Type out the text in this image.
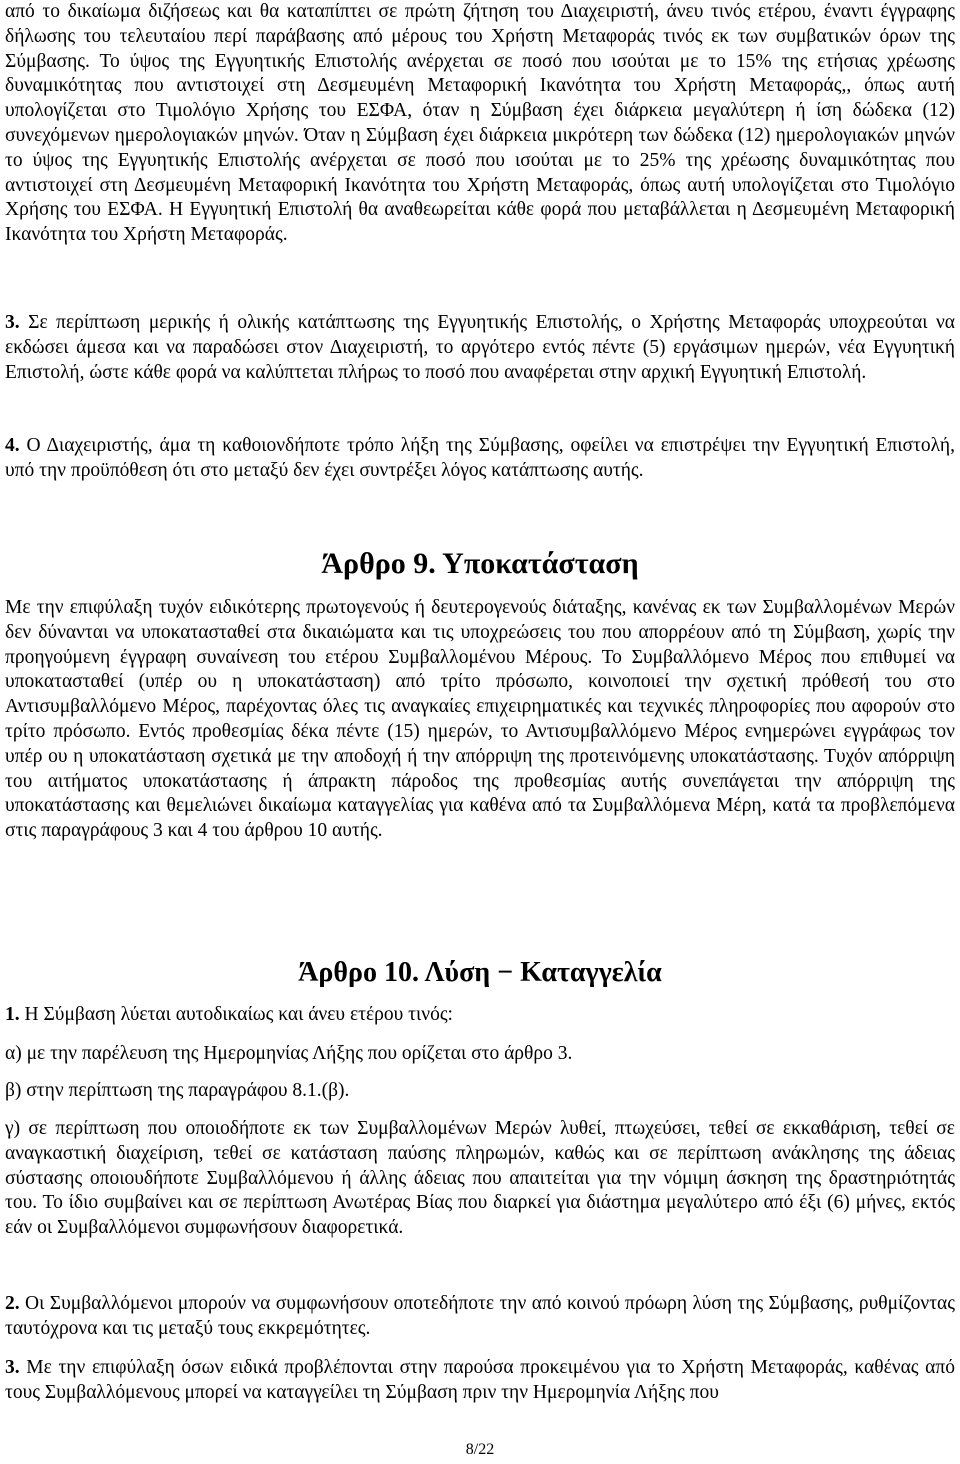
από το δικαίωμα διζήσεως και θα καταπίπτει σε πρώτη ζήτηση του Διαχειριστή, άνευ τινός ετέρου, έναντι έγγραφης δήλωσης του τελευταίου περί παράβασης από μέρους του Χρήστη Μεταφοράς τινός εκ των συμβατικών όρων της Σύμβασης. Το ύψος της Εγγυητικής Επιστολής ανέρχεται σε ποσό που ισούται με το 15% της ετήσιας χρέωσης δυναμικότητας που αντιστοιχεί στη Δεσμευμένη Μεταφορική Ικανότητα του Χρήστη Μεταφοράς,, όπως αυτή υπολογίζεται στο Τιμολόγιο Χρήσης του ΕΣΦΑ, όταν η Σύμβαση έχει διάρκεια μεγαλύτερη ή ίση δώδεκα (12) συνεχόμενων ημερολογιακών μηνών. Όταν η Σύμβαση έχει διάρκεια μικρότερη των δώδεκα (12) ημερολογιακών μηνών το ύψος της Εγγυητικής Επιστολής ανέρχεται σε ποσό που ισούται με το 25% της χρέωσης δυναμικότητας που αντιστοιχεί στη Δεσμευμένη Μεταφορική Ικανότητα του Χρήστη Μεταφοράς, όπως αυτή υπολογίζεται στο Τιμολόγιο Χρήσης του ΕΣΦΑ. Η Εγγυητική Επιστολή θα αναθεωρείται κάθε φορά που μεταβάλλεται η Δεσμευμένη Μεταφορική Ικανότητα του Χρήστη Μεταφοράς.

3. Σε περίπτωση μερικής ή ολικής κατάπτωσης της Εγγυητικής Επιστολής, ο Χρήστης Μεταφοράς υποχρεούται να εκδώσει άμεσα και να παραδώσει στον Διαχειριστή, το αργότερο εντός πέντε (5) εργάσιμων ημερών, νέα Εγγυητική Επιστολή, ώστε κάθε φορά να καλύπτεται πλήρως το ποσό που αναφέρεται στην αρχική Εγγυητική Επιστολή.

4. Ο Διαχειριστής, άμα τη καθοιονδήποτε τρόπο λήξη της Σύμβασης, οφείλει να επιστρέψει την Εγγυητική Επιστολή, υπό την προϋπόθεση ότι στο μεταξύ δεν έχει συντρέξει λόγος κατάπτωσης αυτής.

Άρθρο 9. Υποκατάσταση

Με την επιφύλαξη τυχόν ειδικότερης πρωτογενούς ή δευτερογενούς διάταξης, κανένας εκ των Συμβαλλομένων Μερών δεν δύνανται να υποκατασταθεί στα δικαιώματα και τις υποχρεώσεις του που απορρέουν από τη Σύμβαση, χωρίς την προηγούμενη έγγραφη συναίνεση του ετέρου Συμβαλλομένου Μέρους. Το Συμβαλλόμενο Μέρος που επιθυμεί να υποκατασταθεί (υπέρ ου η υποκατάσταση) από τρίτο πρόσωπο, κοινοποιεί την σχετική πρόθεσή του στο Αντισυμβαλλόμενο Μέρος, παρέχοντας όλες τις αναγκαίες επιχειρηματικές και τεχνικές πληροφορίες που αφορούν στο τρίτο πρόσωπο. Εντός προθεσμίας δέκα πέντε (15) ημερών, το Αντισυμβαλλόμενο Μέρος ενημερώνει εγγράφως τον υπέρ ου η υποκατάσταση σχετικά με την αποδοχή ή την απόρριψη της προτεινόμενης υποκατάστασης. Τυχόν απόρριψη του αιτήματος υποκατάστασης ή άπρακτη πάροδος της προθεσμίας αυτής συνεπάγεται την απόρριψη της υποκατάστασης και θεμελιώνει δικαίωμα καταγγελίας για καθένα από τα Συμβαλλόμενα Μέρη, κατά τα προβλεπόμενα στις παραγράφους 3 και 4 του άρθρου 10 αυτής.

Άρθρο 10. Λύση − Καταγγελία

1. Η Σύμβαση λύεται αυτοδικαίως και άνευ ετέρου τινός:

α) με την παρέλευση της Ημερομηνίας Λήξης που ορίζεται στο άρθρο 3.

β) στην περίπτωση της παραγράφου 8.1.(β).

γ) σε περίπτωση που οποιοδήποτε εκ των Συμβαλλομένων Μερών λυθεί, πτωχεύσει, τεθεί σε εκκαθάριση, τεθεί σε αναγκαστική διαχείριση, τεθεί σε κατάσταση παύσης πληρωμών, καθώς και σε περίπτωση ανάκλησης της άδειας σύστασης οποιουδήποτε Συμβαλλόμενου ή άλλης άδειας που απαιτείται για την νόμιμη άσκηση της δραστηριότητάς του. Το ίδιο συμβαίνει και σε περίπτωση Ανωτέρας Βίας που διαρκεί για διάστημα μεγαλύτερο από έξι (6) μήνες, εκτός εάν οι Συμβαλλόμενοι συμφωνήσουν διαφορετικά.

2. Οι Συμβαλλόμενοι μπορούν να συμφωνήσουν οποτεδήποτε την από κοινού πρόωρη λύση της Σύμβασης, ρυθμίζοντας ταυτόχρονα και τις μεταξύ τους εκκρεμότητες.

3. Με την επιφύλαξη όσων ειδικά προβλέπονται στην παρούσα προκειμένου για το Χρήστη Μεταφοράς, καθένας από τους Συμβαλλόμενους μπορεί να καταγγείλει τη Σύμβαση πριν την Ημερομηνία Λήξης που

8/22
